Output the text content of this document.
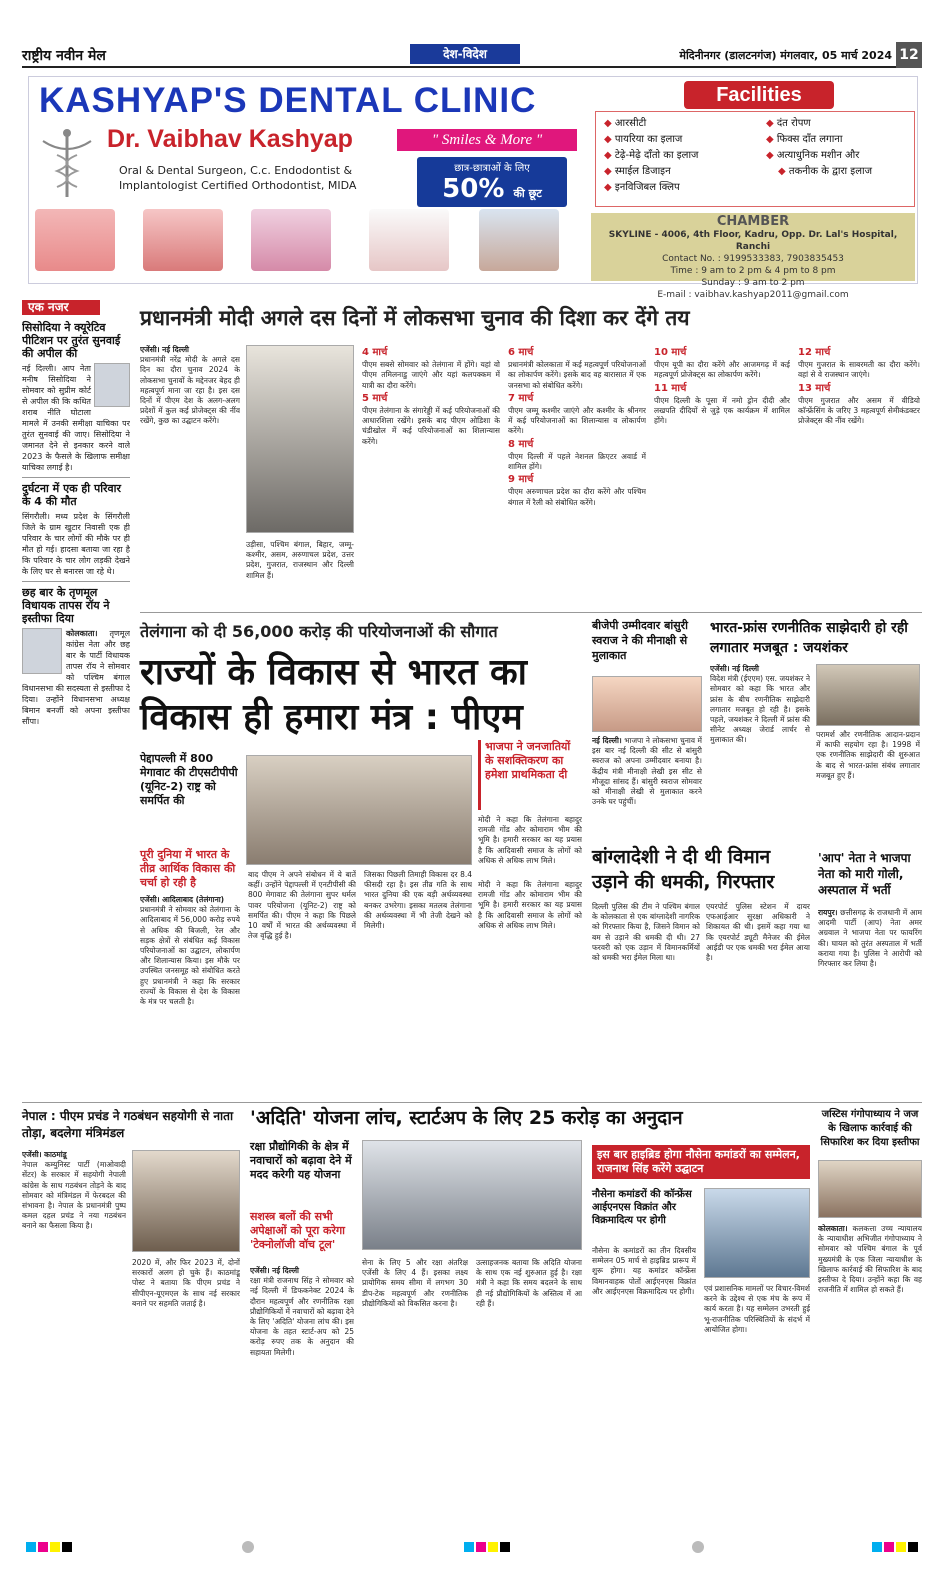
राष्ट्रीय नवीन मेल	देश-विदेश	मेदिनीनगर (डालटनगंज) मंगलवार, 05 मार्च 2024 12
KASHYAP'S DENTAL CLINIC
Dr. Vaibhav Kashyap
Oral & Dental Surgeon, C.c. Endodontist &
Implantologist Certified Orthodontist, MIDA
" Smiles & More "
छात्र-छात्राओं के लिए
50% की छूट
Facilities
◆ आरसीटी
◆ पायरिया का इलाज
◆ टेढ़े-मेढ़े दाँतो का इलाज
◆ स्माईल डिजाइन
◆ इनविजिबल क्लिप
◆ दंत रोपण
◆ फिक्स दाँत लगाना
◆ अत्याधुनिक मशीन और
◆ तकनीक के द्वारा इलाज
CHAMBER
SKYLINE - 4006, 4th Floor, Kadru, Opp. Dr. Lal's Hospital, Ranchi
Contact No. : 9199533383, 7903835453
Time : 9 am to 2 pm & 4 pm to 8 pm
Sunday : 9 am to 2 pm
E-mail : vaibhav.kashyap2011@gmail.com
एक नजर
सिसोदिया ने क्यूरेटिव पीटिशन पर तुरंत सुनवाई की अपील की
नई दिल्ली। आप नेता मनीष सिसोदिया ने सोमवार को सुप्रीम कोर्ट से अपील की कि कथित शराब नीति घोटाला मामले में उनकी समीक्षा याचिका पर तुरंत सुनवाई की जाए। सिसोदिया ने जमानत देने से इनकार करने वाले 2023 के फैसले के खिलाफ समीक्षा याचिका लगाई है।
दुर्घटना में एक ही परिवार के 4 की मौत
सिंगरौली। मध्य प्रदेश के सिंगरौली जिले के ग्राम खुटार निवासी एक ही परिवार के चार लोगों की मौके पर ही मौत हो गई। हादसा बताया जा रहा है कि परिवार के चार लोग लड़की देखने के लिए घर से बनारस जा रहे थे।
छह बार के तृणमूल विधायक तापस रॉय ने इस्तीफा दिया
कोलकाता। तृणमूल कांग्रेस नेता और छह बार के पार्टी विधायक तापस रॉय ने सोमवार को पश्चिम बंगाल विधानसभा की सदस्यता से इस्तीफा दे दिया। उन्होंने विधानसभा अध्यक्ष बिमान बनर्जी को अपना इस्तीफा सौंपा।
प्रधानमंत्री मोदी अगले दस दिनों में लोकसभा चुनाव की दिशा कर देंगे तय
एजेंसी। नई दिल्ली
प्रधानमंत्री नरेंद्र मोदी के अगले दस दिन का दौरा चुनाव 2024 के लोकसभा चुनावों के मद्देनजर बेहद ही महत्वपूर्ण माना जा रहा है। इस दस दिनों में पीएम देश के अलग-अलग प्रदेशों में कुल कई प्रोजेक्ट्स की नींव रखेंगे, कुछ का उद्घाटन करेंगे।
उड़ीसा, पश्चिम बंगाल, बिहार, जम्मू-कश्मीर, असम, अरुणाचल प्रदेश, उत्तर प्रदेश, गुजरात, राजस्थान और दिल्ली शामिल हैं।
4 मार्च
पीएम सबसे सोमवार को तेलंगाना में होंगे। यहां वो पीएम तमिलनाडु जाएंगे और यहां कलपक्कम में यात्री का दौरा करेंगे।
5 मार्च
पीएम तेलंगाना के संगारेड्डी में कई परियोजनाओं की आधारशिला रखेंगे। इसके बाद पीएम ओडिशा के चंडीखोल में कई परियोजनाओं का शिलान्यास करेंगे।
6 मार्च
प्रधानमंत्री कोलकाता में कई महत्वपूर्ण परियोजनाओं का लोकार्पण करेंगे। इसके बाद वह बारासात में एक जनसभा को संबोधित करेंगे।
7 मार्च
पीएम जम्मू कश्मीर जाएंगे और कश्मीर के श्रीनगर में कई परियोजनाओं का शिलान्यास व लोकार्पण करेंगे।
8 मार्च
पीएम दिल्ली में पहले नेशनल क्रिएटर अवार्ड में शामिल होंगे।
9 मार्च
पीएम अरुणाचल प्रदेश का दौरा करेंगे और पश्चिम बंगाल में रैली को संबोधित करेंगे।
10 मार्च
पीएम यूपी का दौरा करेंगे और आजमगढ़ में कई महत्वपूर्ण प्रोजेक्ट्स का लोकार्पण करेंगे।
11 मार्च
पीएम दिल्ली के पूसा में नमो ड्रोन दीदी और लखपति दीदियों से जुड़े एक कार्यक्रम में शामिल होंगे।
12 मार्च
पीएम गुजरात के साबरमती का दौरा करेंगे। वहां से वे राजस्थान जाएंगे।
13 मार्च
पीएम गुजरात और असम में वीडियो कॉन्फ्रेंसिंग के जरिए 3 महत्वपूर्ण सेमीकंडक्टर प्रोजेक्ट्स की नींव रखेंगे।
तेलंगाना को दी 56,000 करोड़ की परियोजनाओं की सौगात
राज्यों के विकास से भारत का
विकास ही हमारा मंत्र : पीएम
पेद्दापल्ली में 800 मेगावाट की टीएसटीपीपी (यूनिट-2) राष्ट्र को समर्पित की
भाजपा ने जनजातियों के सशक्तिकरण का हमेशा प्राथमिकता दी
मोदी ने कहा कि तेलंगाना बहादुर रामजी गोंड और कोमाराम भीम की भूमि है। हमारी सरकार का यह प्रयास है कि आदिवासी समाज के लोगों को अधिक से अधिक लाभ मिले।
पूरी दुनिया में भारत के तीव्र आर्थिक विकास की चर्चा हो रही है
एजेंसी। आदिलाबाद (तेलंगाना)
प्रधानमंत्री ने सोमवार को तेलंगाना के आदिलाबाद में 56,000 करोड़ रुपये से अधिक की बिजली, रेल और सड़क क्षेत्रों से संबंधित कई विकास परियोजनाओं का उद्घाटन, लोकार्पण और शिलान्यास किया। इस मौके पर उपस्थित जनसमूह को संबोधित करते हुए प्रधानमंत्री ने कहा कि सरकार राज्यों के विकास से देश के विकास के मंत्र पर चलती है।
बाद पीएम ने अपने संबोधन में ये बातें कहीं। उन्होंने पेद्दापल्ली में एनटीपीसी की 800 मेगावाट की तेलंगाना सुपर थर्मल पावर परियोजना (यूनिट-2) राष्ट्र को समर्पित की। पीएम ने कहा कि पिछले 10 वर्षों में भारत की अर्थव्यवस्था में तेज वृद्धि हुई है।
जिसका पिछली तिमाही विकास दर 8.4 फीसदी रहा है। इस तीव्र गति के साथ भारत दुनिया की एक बड़ी अर्थव्यवस्था बनकर उभरेगा। इसका मतलब तेलंगाना की अर्थव्यवस्था में भी तेजी देखने को मिलेगी।
मोदी ने कहा कि तेलंगाना बहादुर रामजी गोंड और कोमाराम भीम की भूमि है। हमारी सरकार का यह प्रयास है कि आदिवासी समाज के लोगों को अधिक से अधिक लाभ मिले।
बीजेपी उम्मीदवार बांसुरी स्वराज ने की मीनाक्षी से मुलाकात
नई दिल्ली। भाजपा ने लोकसभा चुनाव में इस बार नई दिल्ली की सीट से बांसुरी स्वराज को अपना उम्मीदवार बनाया है। केंद्रीय मंत्री मीनाक्षी लेखी इस सीट से मौजूदा सांसद हैं। बांसुरी स्वराज सोमवार को मीनाक्षी लेखी से मुलाकात करने उनके घर पहुंचीं।
भारत-फ्रांस रणनीतिक साझेदारी हो रही लगातार मजबूत : जयशंकर
एजेंसी। नई दिल्ली
विदेश मंत्री (ईएएम) एस. जयशंकर ने सोमवार को कहा कि भारत और फ्रांस के बीच रणनीतिक साझेदारी लगातार मजबूत हो रही है। इसके पहले, जयशंकर ने दिल्ली में फ्रांस की सीनेट अध्यक्ष जेरार्ड लार्चर से मुलाकात की।
परामर्श और रणनीतिक आदान-प्रदान में काफी सहयोग रहा है। 1998 में एक रणनीतिक साझेदारी की शुरुआत के बाद से भारत-फ्रांस संबंध लगातार मजबूत हुए हैं।
बांग्लादेशी ने दी थी विमान उड़ाने की धमकी, गिरफ्तार
दिल्ली पुलिस की टीम ने पश्चिम बंगाल के कोलकाता से एक बांग्लादेशी नागरिक को गिरफ्तार किया है, जिसने विमान को बम से उड़ाने की धमकी दी थी। 27 फरवरी को एक उड़ान में विमानकर्मियों को धमकी भरा ईमेल मिला था।
एयरपोर्ट पुलिस स्टेशन में दायर एफआईआर सुरक्षा अधिकारी ने शिकायत की थी। इसमें कहा गया था कि एयरपोर्ट ड्यूटी मैनेजर की ईमेल आईडी पर एक धमकी भरा ईमेल आया है।
'आप' नेता ने भाजपा नेता को मारी गोली, अस्पताल में भर्ती
रायपुर। छत्तीसगढ़ के राजधानी में आम आदमी पार्टी (आप) नेता अमर अग्रवाल ने भाजपा नेता पर फायरिंग की। घायल को तुरंत अस्पताल में भर्ती कराया गया है। पुलिस ने आरोपी को गिरफ्तार कर लिया है।
नेपाल : पीएम प्रचंड ने गठबंधन सहयोगी से नाता तोड़ा, बदलेगा मंत्रिमंडल
एजेंसी। काठमांडू
नेपाल कम्युनिस्ट पार्टी (माओवादी सेंटर) के सरकार में सहयोगी नेपाली कांग्रेस के साथ गठबंधन तोड़ने के बाद सोमवार को मंत्रिमंडल में फेरबदल की संभावना है। नेपाल के प्रधानमंत्री पुष्प कमल दहल प्रचंड ने नया गठबंधन बनाने का फैसला किया है।
2020 में, और फिर 2023 में, दोनों सरकारों अलग हो चुके हैं। काठमांडू पोस्ट ने बताया कि पीएम प्रचंड ने सीपीएन-यूएमएल के साथ नई सरकार बनाने पर सहमति जताई है।
'अदिति' योजना लांच, स्टार्टअप के लिए 25 करोड़ का अनुदान
रक्षा प्रौद्योगिकी के क्षेत्र में नवाचारों को बढ़ावा देने में मदद करेगी यह योजना
सशस्त्र बलों की सभी अपेक्षाओं को पूरा करेगा 'टेक्नोलॉजी वॉच टूल'
एजेंसी। नई दिल्ली
रक्षा मंत्री राजनाथ सिंह ने सोमवार को नई दिल्ली में डिफकनेक्ट 2024 के दौरान महत्वपूर्ण और रणनीतिक रक्षा प्रौद्योगिकियों में नवाचारों को बढ़ावा देने के लिए 'अदिति' योजना लांच की। इस योजना के तहत स्टार्ट-अप को 25 करोड़ रुपए तक के अनुदान की सहायता मिलेगी।
सेना के लिए 5 और रक्षा अंतरिक्ष एजेंसी के लिए 4 हैं। इसका लक्ष्य प्रायोगिक समय सीमा में लगभग 30 डीप-टेक महत्वपूर्ण और रणनीतिक प्रौद्योगिकियों को विकसित करना है।
उत्साहजनक बताया कि अदिति योजना के साथ एक नई शुरुआत हुई है। रक्षा मंत्री ने कहा कि समय बदलने के साथ ही नई प्रौद्योगिकियों के अस्तित्व में आ रही हैं।
इस बार हाइब्रिड होगा नौसेना कमांडरों का सम्मेलन, राजनाथ सिंह करेंगे उद्घाटन
नौसेना कमांडरों की कॉन्फ्रेंस आईएनएस विक्रांत और विक्रमादित्य पर होगी
नौसेना के कमांडरों का तीन दिवसीय सम्मेलन 05 मार्च से हाइब्रिड प्रारूप में शुरू होगा। यह कमांडर कॉन्फ्रेंस विमानवाहक पोतों आईएनएस विक्रांत और आईएनएस विक्रमादित्य पर होगी। एवं प्रशासनिक मामलों पर विचार-विमर्श करने के उद्देश्य से एक मंच के रूप में कार्य करता है। यह सम्मेलन उभरती हुई भू-राजनीतिक परिस्थितियों के संदर्भ में आयोजित होगा।
जस्टिस गंगोपाध्याय ने जज के खिलाफ कार्रवाई की सिफारिश कर दिया इस्तीफा
कोलकाता। कलकत्ता उच्च न्यायालय के न्यायाधीश अभिजीत गंगोपाध्याय ने सोमवार को पश्चिम बंगाल के पूर्व मुख्यमंत्री के एक जिला न्यायाधीश के खिलाफ कार्रवाई की सिफारिश के बाद इस्तीफा दे दिया। उन्होंने कहा कि वह राजनीति में शामिल हो सकते हैं।
